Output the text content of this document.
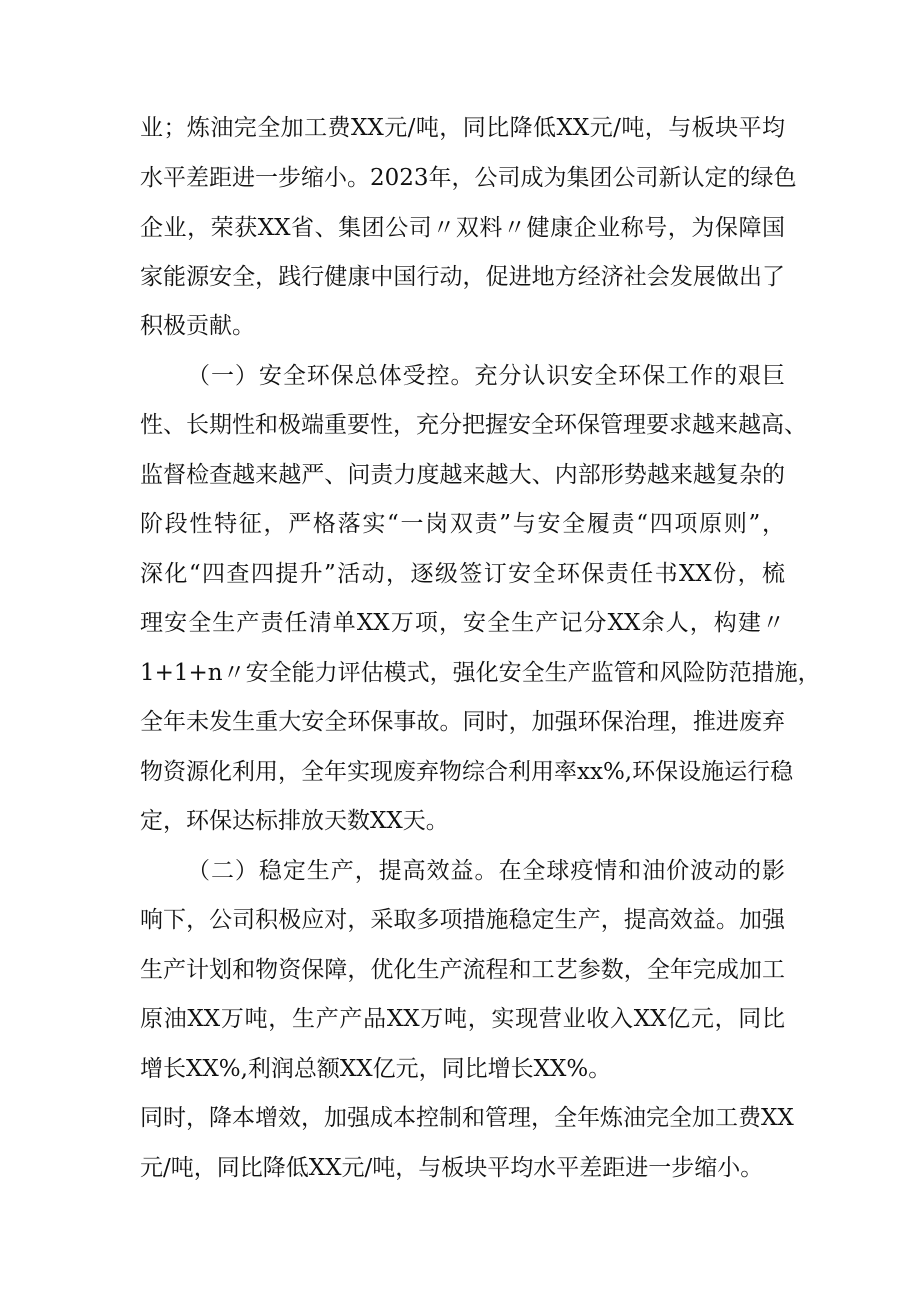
业；炼油完全加工费XX元/吨，同比降低XX元/吨，与板块平均
水平差距进一步缩小。2023年，公司成为集团公司新认定的绿色
企业，荣获XX省、集团公司〃双料〃健康企业称号，为保障国
家能源安全，践行健康中国行动，促进地方经济社会发展做出了
积极贡献。
（一）安全环保总体受控。充分认识安全环保工作的艰巨
性、长期性和极端重要性，充分把握安全环保管理要求越来越高、
监督检查越来越严、问责力度越来越大、内部形势越来越复杂的
阶段性特征，严格落实“一岗双责”与安全履责“四项原则”，
深化“四查四提升”活动，逐级签订安全环保责任书XX份，梳
理安全生产责任清单XX万项，安全生产记分XX余人，构建〃
1+1+n〃安全能力评估模式，强化安全生产监管和风险防范措施，
全年未发生重大安全环保事故。同时，加强环保治理，推进废弃
物资源化利用，全年实现废弃物综合利用率xx%,环保设施运行稳
定，环保达标排放天数XX天。
（二）稳定生产，提高效益。在全球疫情和油价波动的影
响下，公司积极应对，采取多项措施稳定生产，提高效益。加强
生产计划和物资保障，优化生产流程和工艺参数，全年完成加工
原油XX万吨，生产产品XX万吨，实现营业收入XX亿元，同比
增长XX%,利润总额XX亿元，同比增长XX%。
同时，降本增效，加强成本控制和管理，全年炼油完全加工费XX
元/吨，同比降低XX元/吨，与板块平均水平差距进一步缩小。
